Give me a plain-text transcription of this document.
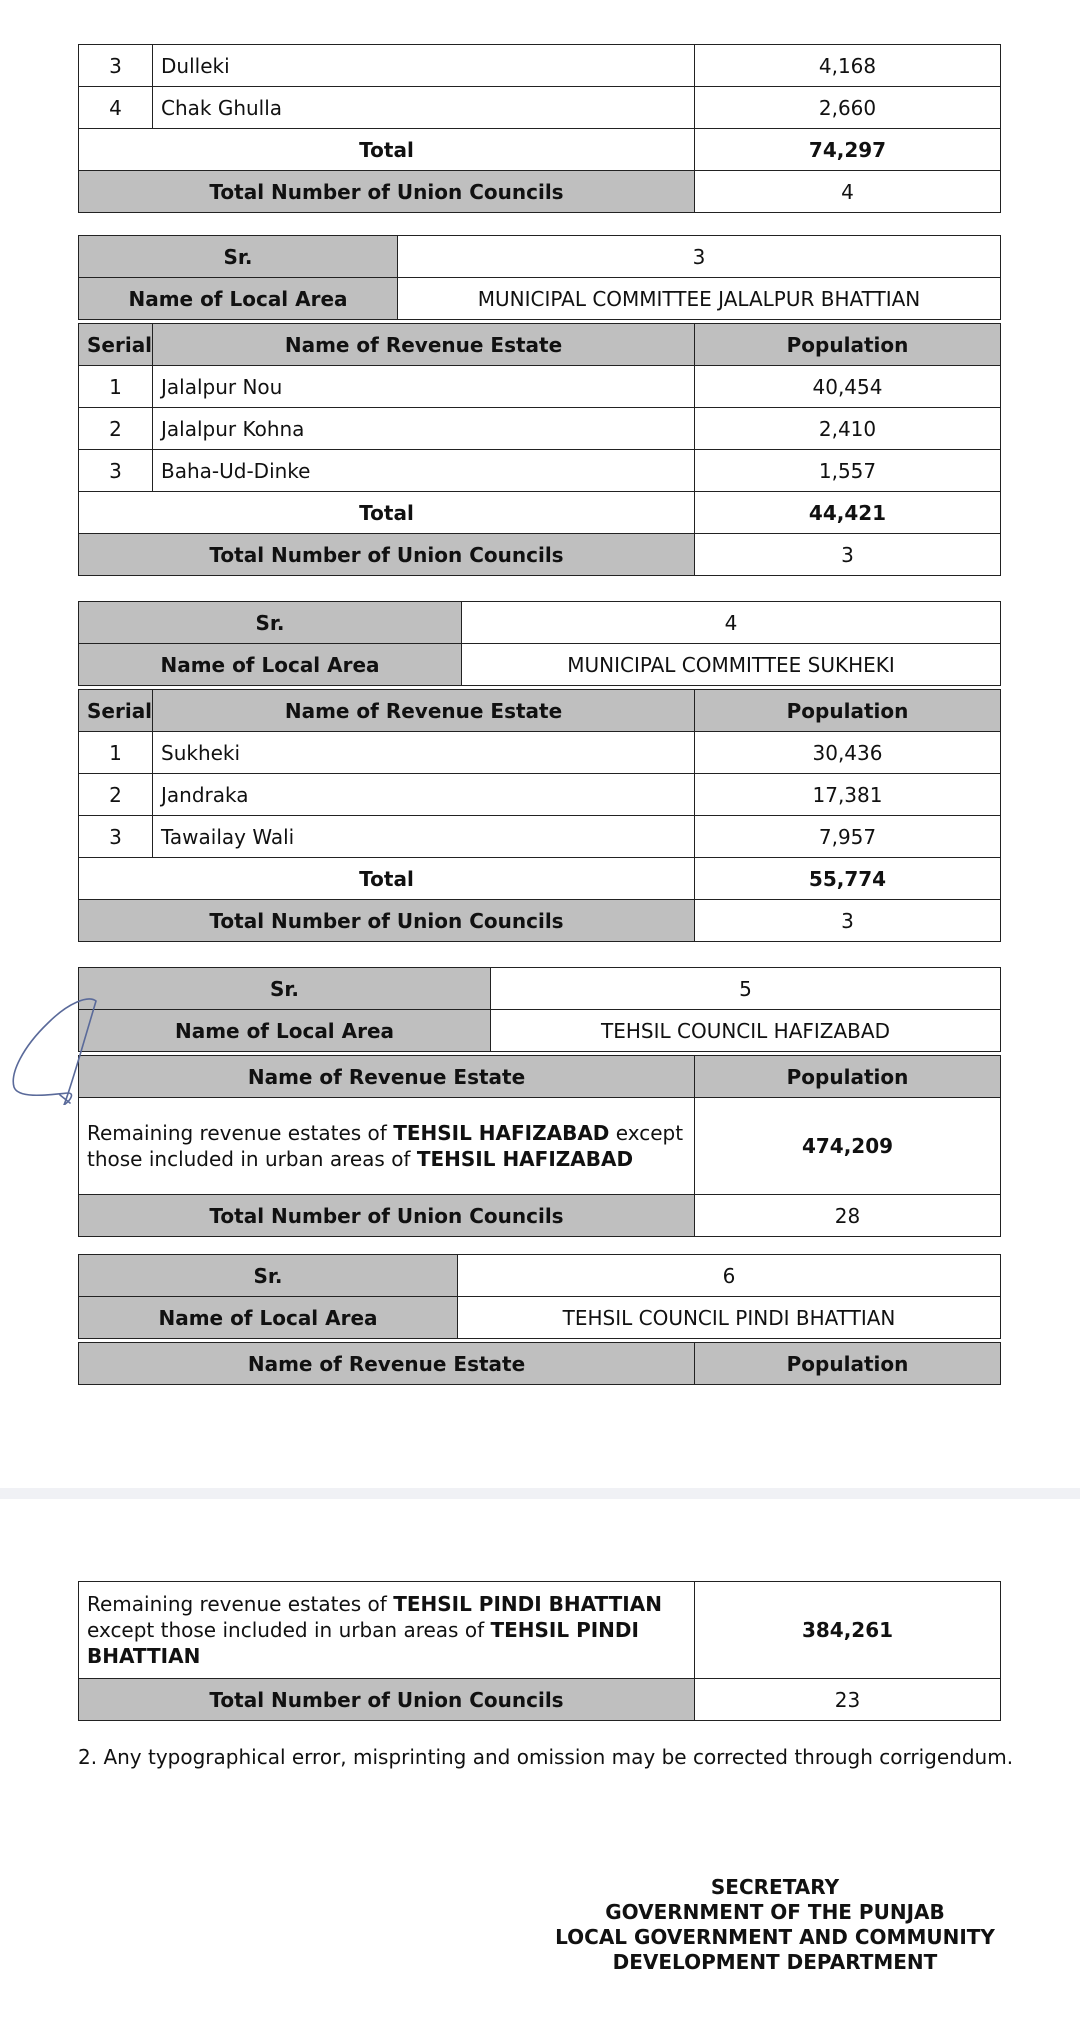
3	Dulleki	4,168
4	Chak Ghulla	2,660
Total		74,297
Total Number of Union Councils		4
Sr.	3
Name of Local Area	MUNICIPAL COMMITTEE JALALPUR BHATTIAN
Serial	Name of Revenue Estate	Population
1	Jalalpur Nou	40,454
2	Jalalpur Kohna	2,410
3	Baha-Ud-Dinke	1,557
Total		44,421
Total Number of Union Councils		3
Sr.	4
Name of Local Area	MUNICIPAL COMMITTEE SUKHEKI
Serial	Name of Revenue Estate	Population
1	Sukheki	30,436
2	Jandraka	17,381
3	Tawailay Wali	7,957
Total		55,774
Total Number of Union Councils		3
Sr.	5
Name of Local Area	TEHSIL COUNCIL HAFIZABAD
Name of Revenue Estate	Population
Remaining revenue estates of TEHSIL HAFIZABAD except those included in urban areas of TEHSIL HAFIZABAD	474,209
Total Number of Union Councils	28
Sr.	6
Name of Local Area	TEHSIL COUNCIL PINDI BHATTIAN
Name of Revenue Estate	Population
Remaining revenue estates of TEHSIL PINDI BHATTIAN except those included in urban areas of TEHSIL PINDI BHATTIAN	384,261
Total Number of Union Councils	23
2. Any typographical error, misprinting and omission may be corrected through corrigendum.
SECRETARY
GOVERNMENT OF THE PUNJAB
LOCAL GOVERNMENT AND COMMUNITY
DEVELOPMENT DEPARTMENT
